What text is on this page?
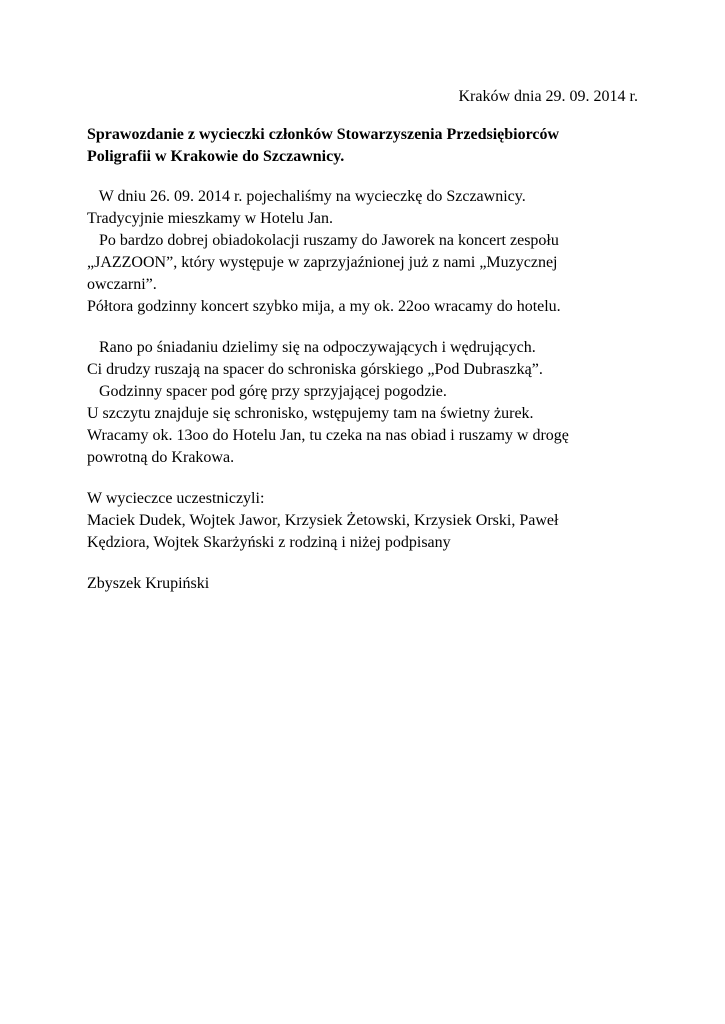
Kraków dnia 29. 09. 2014 r.
Sprawozdanie z wycieczki członków Stowarzyszenia Przedsiębiorców
Poligrafii w Krakowie do Szczawnicy.
W dniu 26. 09. 2014 r. pojechaliśmy na wycieczkę do Szczawnicy.
Tradycyjnie mieszkamy w Hotelu Jan.
Po bardzo dobrej obiadokolacji ruszamy do Jaworek na koncert zespołu
„JAZZOON”, który występuje w zaprzyjaźnionej już z nami „Muzycznej
owczarni”.
Półtora godzinny koncert szybko mija, a my ok. 22oo wracamy do hotelu.
Rano po śniadaniu dzielimy się na odpoczywających i wędrujących.
Ci drudzy ruszają na spacer do schroniska górskiego „Pod Dubraszką”.
Godzinny spacer pod górę przy sprzyjającej pogodzie.
U szczytu znajduje się schronisko, wstępujemy tam na świetny żurek.
Wracamy ok. 13oo do Hotelu Jan, tu czeka na nas obiad i ruszamy w drogę
powrotną do Krakowa.
W wycieczce uczestniczyli:
Maciek Dudek, Wojtek Jawor, Krzysiek Żetowski, Krzysiek Orski, Paweł
Kędziora, Wojtek Skarżyński z rodziną i niżej podpisany
Zbyszek Krupiński
